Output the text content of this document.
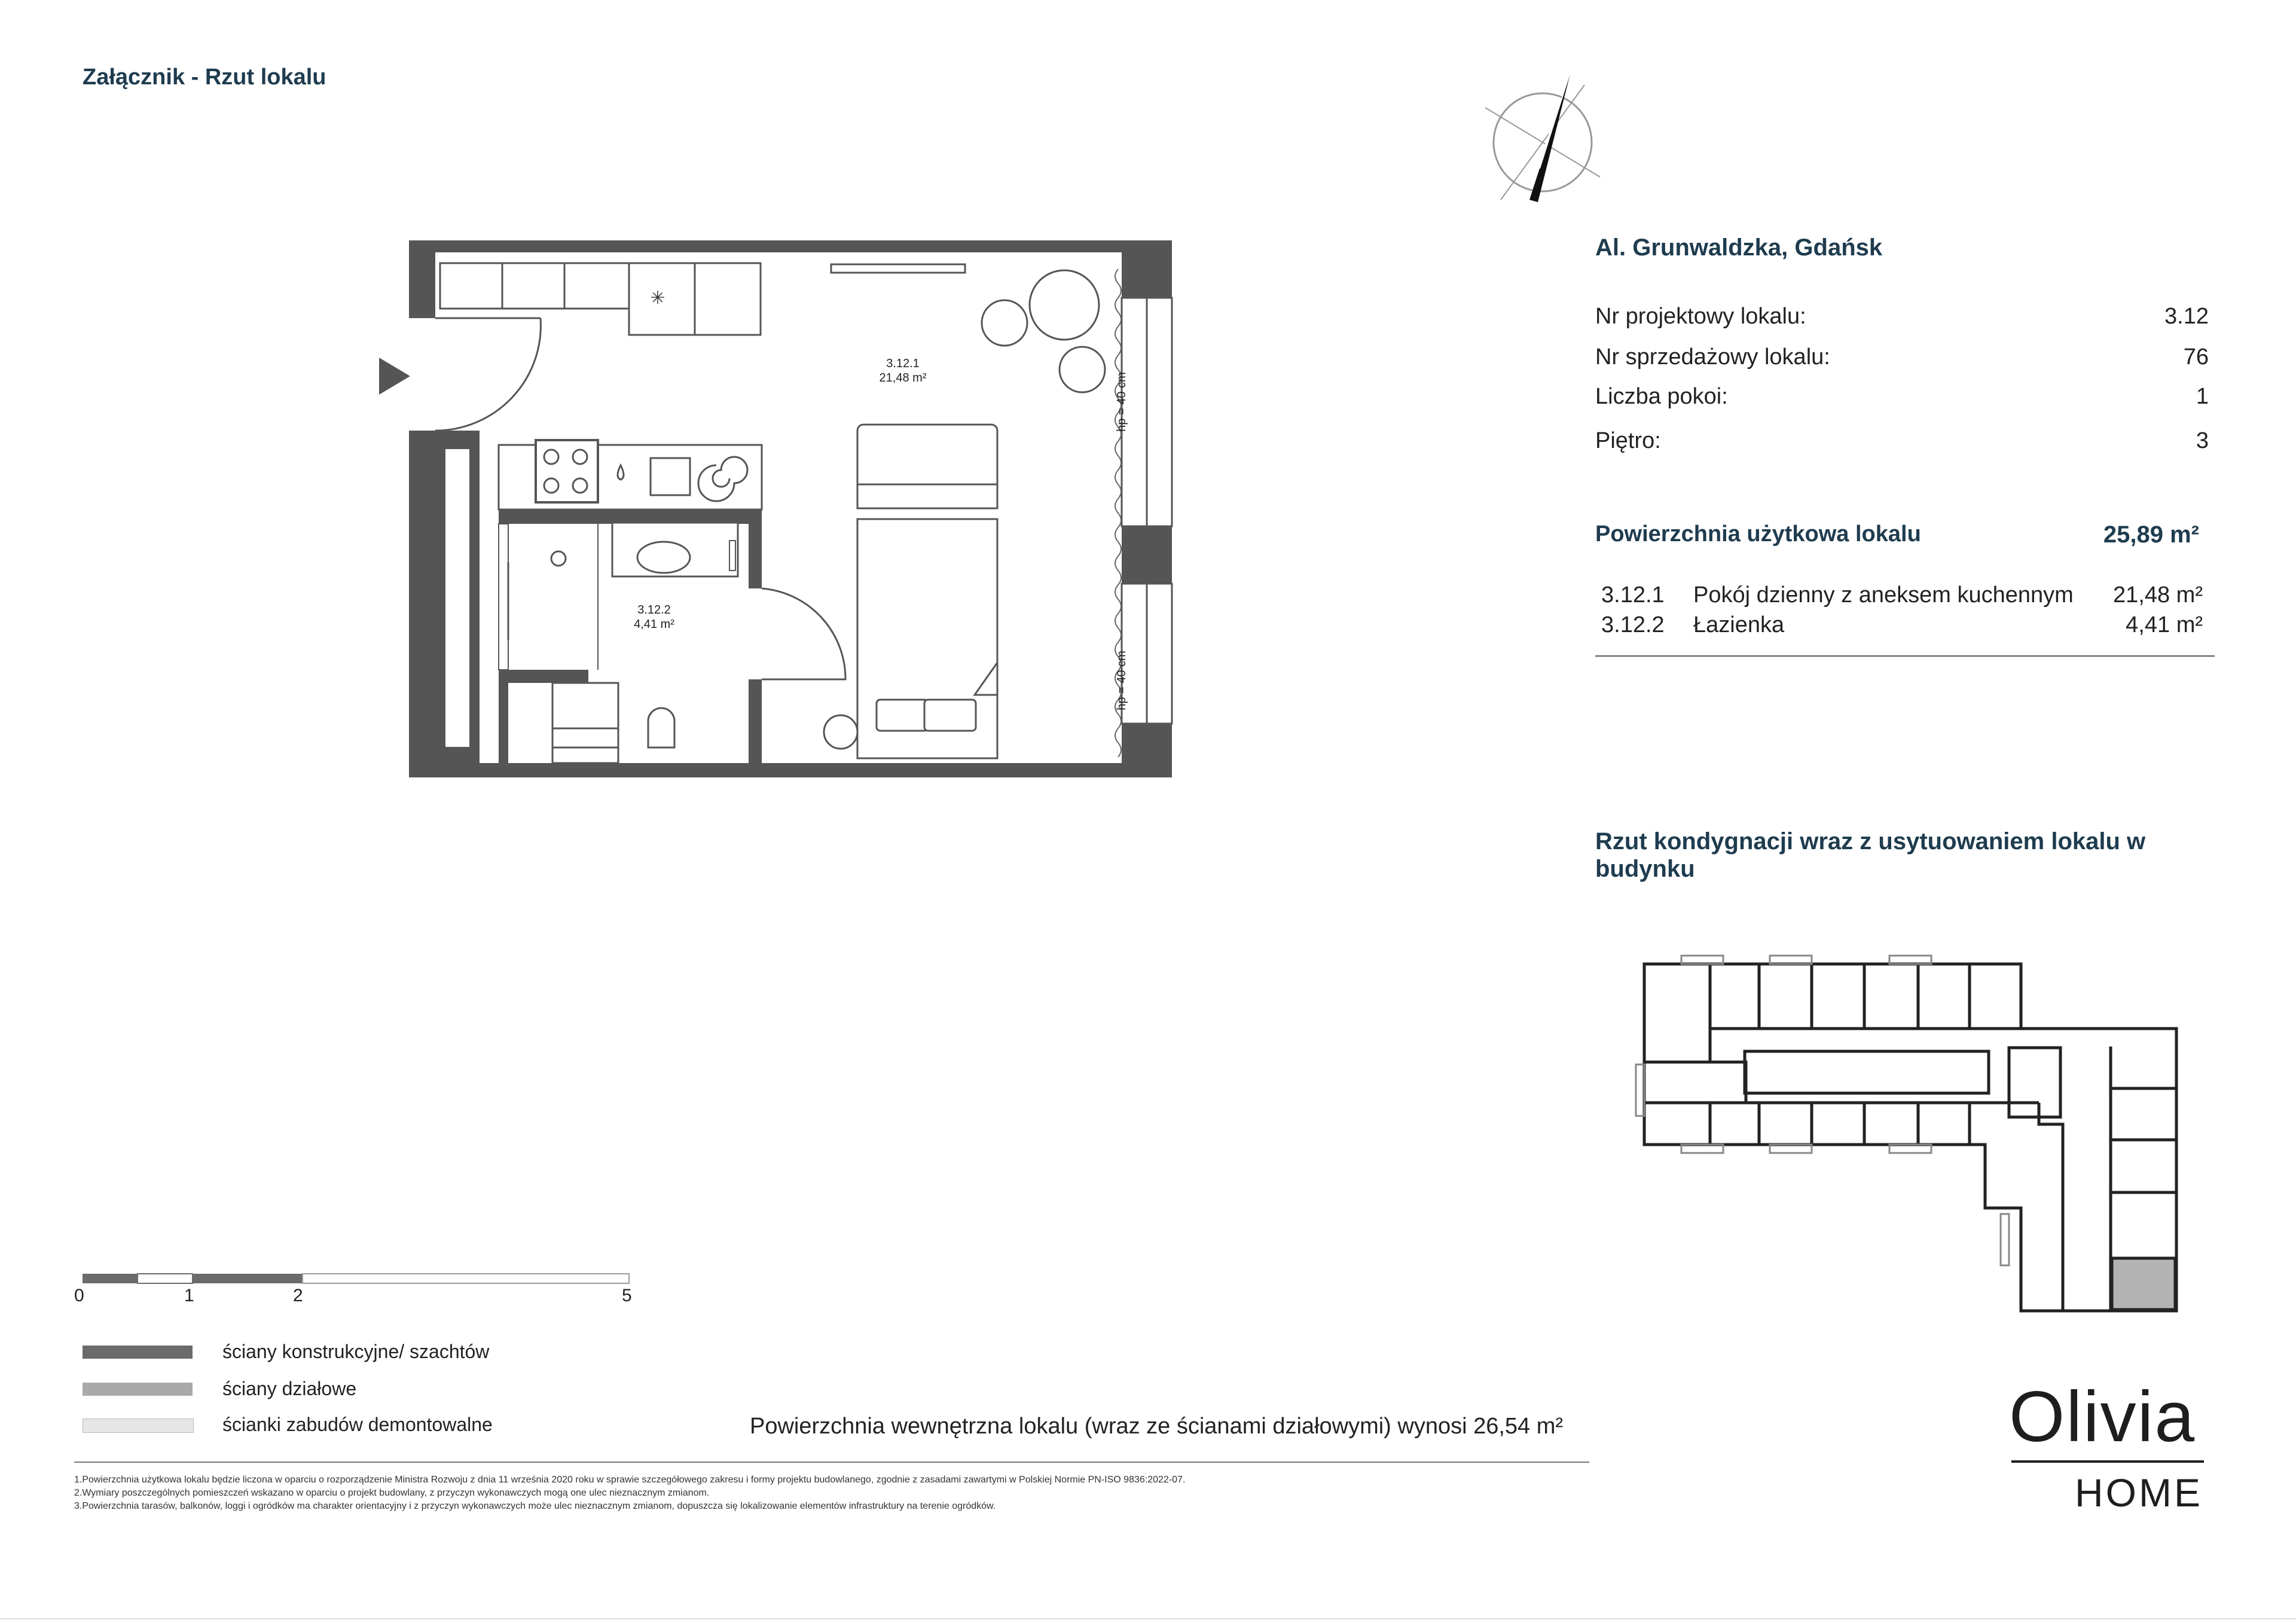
Załącznik - Rzut lokalu
✳
3.12.1
21,48 m²
3.12.2
4,41 m²
hp = 40 cm
hp = 40 cm
Al. Grunwaldzka, Gdańsk
Nr projektowy lokalu:	3.12
Nr sprzedażowy lokalu:	76
Liczba pokoi:	1
Piętro:	3
Powierzchnia użytkowa lokalu	25,89 m²
3.12.1 Pokój dzienny z aneksem kuchennym 21,48 m²
3.12.2 Łazienka	4,41 m²
Rzut kondygnacji wraz z usytuowaniem lokalu w budynku
0	1	2	5
ściany konstrukcyjne/ szachtów
ściany działowe
ścianki zabudów demontowalne	Powierzchnia wewnętrzna lokalu (wraz ze ścianami działowymi) wynosi 26,54 m²
1.Powierzchnia użytkowa lokalu będzie liczona w oparciu o rozporządzenie Ministra Rozwoju z dnia 11 września 2020 roku w sprawie szczegółowego zakresu i formy projektu budowlanego, zgodnie z zasadami zawartymi w Polskiej Normie PN-ISO 9836:2022-07.
2.Wymiary poszczególnych pomieszczeń wskazano w oparciu o projekt budowlany, z przyczyn wykonawczych mogą one ulec nieznacznym zmianom.
3.Powierzchnia tarasów, balkonów, loggi i ogródków ma charakter orientacyjny i z przyczyn wykonawczych może ulec nieznacznym zmianom, dopuszcza się lokalizowanie elementów infrastruktury na terenie ogródków.
Olivia
HOME
